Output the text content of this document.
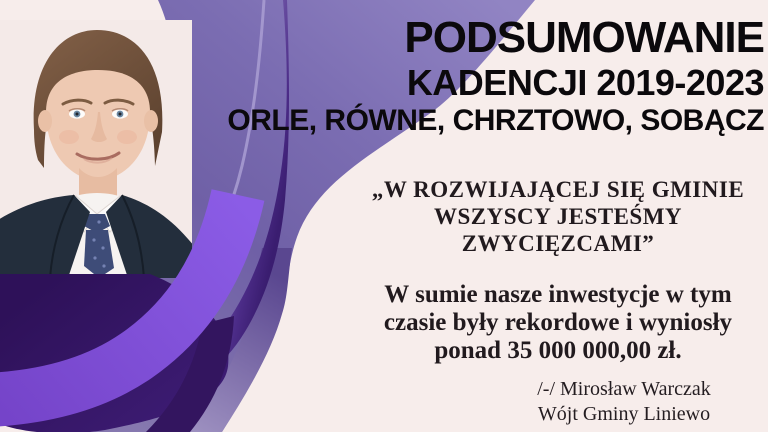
PODSUMOWANIE
KADENCJI 2019-2023
ORLE, RÓWNE, CHRZTOWO, SOBĄCZ
„W ROZWIJAJĄCEJ SIĘ GMINIE
WSZYSCY JESTEŚMY
ZWYCIĘZCAMI”
W sumie nasze inwestycje w tym
czasie były rekordowe i wyniosły
ponad 35 000 000,00 zł.
/-/ Mirosław Warczak
Wójt Gminy Liniewo
